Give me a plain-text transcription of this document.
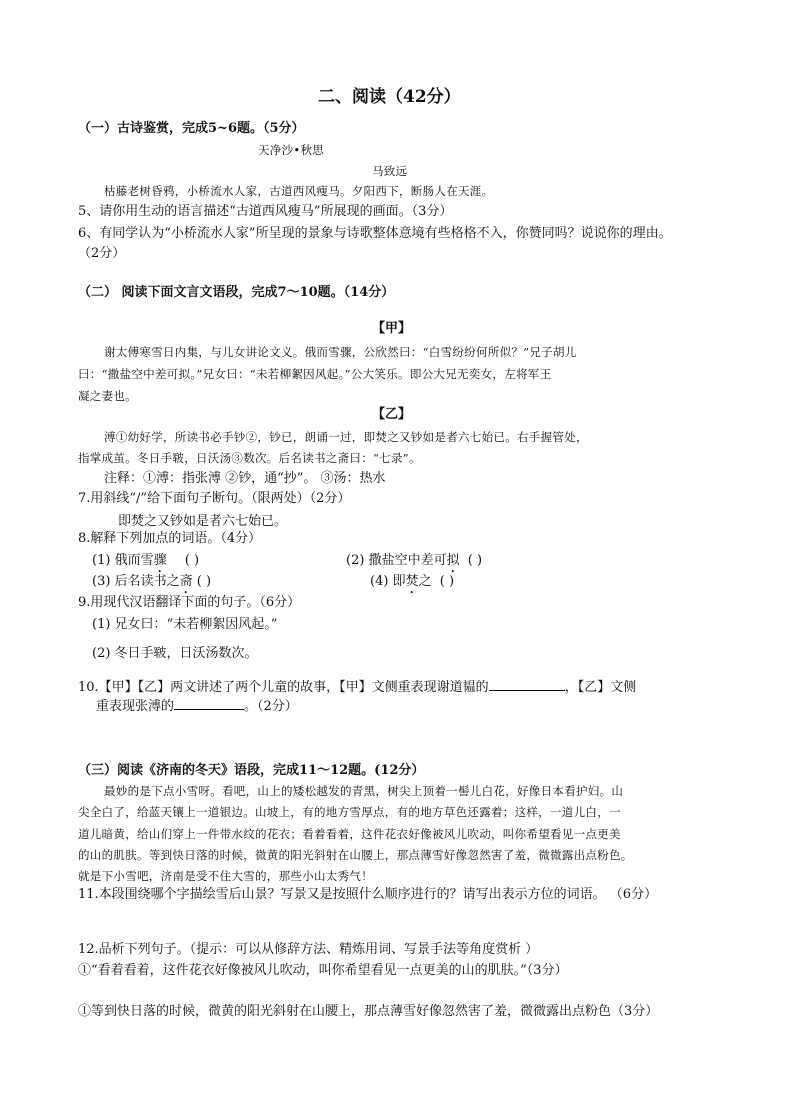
二、阅读（42分）
（一）古诗鉴赏，完成5~6题。（5分）
天净沙•秋思
马致远
枯藤老树昏鸦，小桥流水人家，古道西风瘦马。夕阳西下，断肠人在天涯。
5、请你用生动的语言描述“古道西风瘦马”所展现的画面。（3分）
6、有同学认为“小桥流水人家”所呈现的景象与诗歌整体意境有些格格不入，你赞同吗？说说你的理由。
（2分）
（二） 阅读下面文言文语段，完成7～10题。（14分）
【甲】
谢太傅寒雪日内集，与儿女讲论文义。俄而雪骤，公欣然曰：“白雪纷纷何所似？”兄子胡儿
曰：“撒盐空中差可拟。”兄女曰：“未若柳絮因风起。”公大笑乐。即公大兄无奕女，左将军王
凝之妻也。
【乙】
溥①幼好学，所读书必手钞②，钞已，朗诵一过，即焚之又钞如是者六七始已。右手握管处，
指掌成茧。冬日手皲，日沃汤③数次。后名读书之斋曰：“七录”。
注释：①溥：指张溥 ②钞，通“抄”。 ③汤：热水
7.用斜线“/”给下面句子断句。（限两处）（2分）
即焚之又钞如是者六七始已。
8.解释下列加点的词语。（4分）
(1) 俄而雪骤 ( )	(2) 撒盐空中差可拟 ( )
(3) 后名读书之斋 ( )	(4) 即焚之 ( )
9.用现代汉语翻译下面的句子。（6分）
(1) 兄女曰：“未若柳絮因风起。”
(2) 冬日手皲，日沃汤数次。
10.【甲】【乙】两文讲述了两个儿童的故事，【甲】文侧重表现谢道韫的	，【乙】文侧
重表现张溥的	。（2分）
（三）阅读《济南的冬天》语段，完成11～12题。(12分）
最妙的是下点小雪呀。看吧，山上的矮松越发的青黑，树尖上顶着一髻儿白花，好像日本看护妇。山
尖全白了，给蓝天镶上一道银边。山坡上，有的地方雪厚点，有的地方草色还露着；这样，一道儿白，一
道儿暗黄，给山们穿上一件带水纹的花衣；看着看着，这件花衣好像被风儿吹动，叫你希望看见一点更美
的山的肌肤。等到快日落的时候，微黄的阳光斜射在山腰上，那点薄雪好像忽然害了羞，微微露出点粉色。
就是下小雪吧，济南是受不住大雪的，那些小山太秀气！
11.本段围绕哪个字描绘雪后山景？写景又是按照什么顺序进行的？请写出表示方位的词语。 （6分）
12.品析下列句子。（提示：可以从修辞方法、精炼用词、写景手法等角度赏析 ）
①“看着看着，这件花衣好像被风儿吹动，叫你希望看见一点更美的山的肌肤。”（3分）
①等到快日落的时候，微黄的阳光斜射在山腰上，那点薄雪好像忽然害了羞，微微露出点粉色（3分）
